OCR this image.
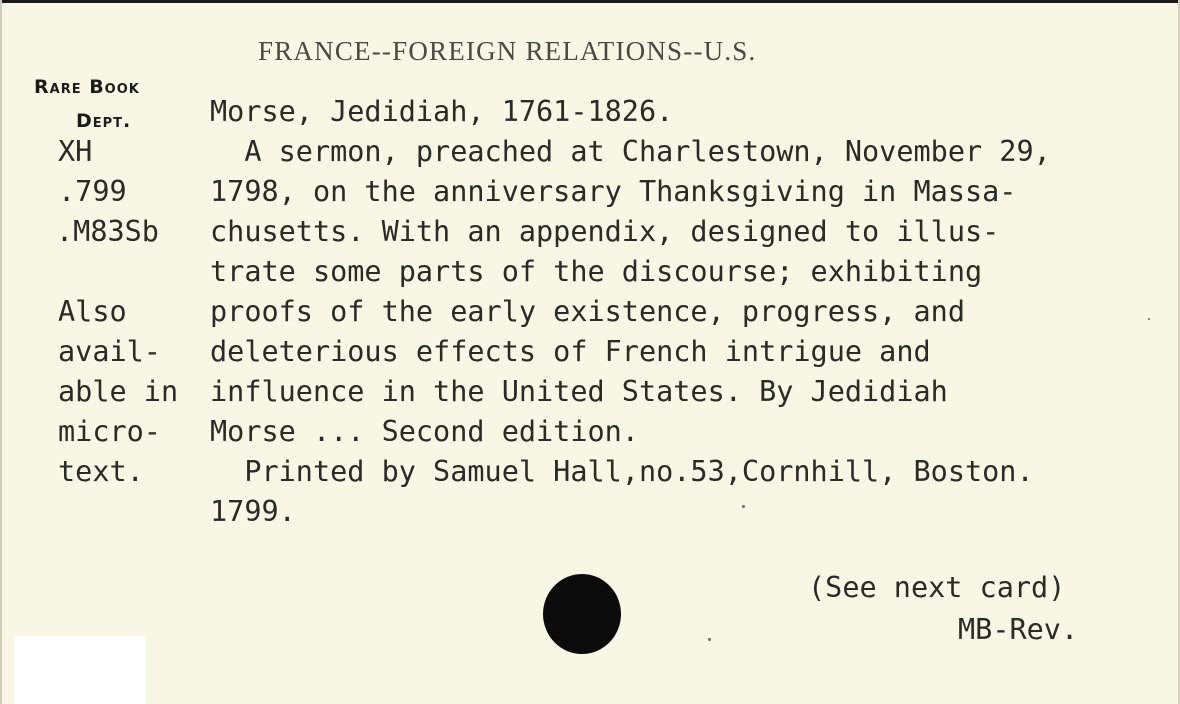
FRANCE--FOREIGN RELATIONS--U.S.
Rare Book
Dept.
XH
.799
.M83Sb
Also
avail-
able in
micro-
text.
Morse, Jedidiah, 1761-1826.
A sermon, preached at Charlestown, November 29,
1798, on the anniversary Thanksgiving in Massa-
chusetts. With an appendix, designed to illus-
trate some parts of the discourse; exhibiting
proofs of the early existence, progress, and
deleterious effects of French intrigue and
influence in the United States. By Jedidiah
Morse ... Second edition.
Printed by Samuel Hall,no.53,Cornhill, Boston.
1799.
(See next card)
MB-Rev.
